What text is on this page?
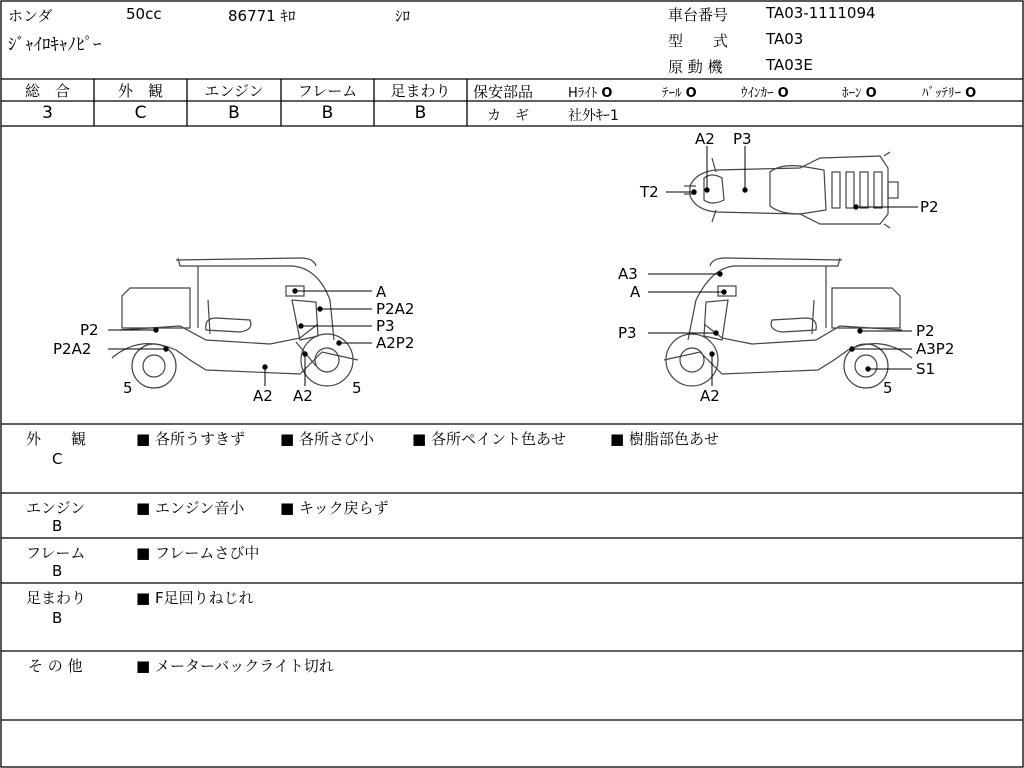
ホンダ	50cc	86771 ｷﾛ	ｼﾛ
ｼﾞｬｲﾛｷｬﾉﾋﾟｰ
車台番号	TA03-1111094
型　　式	TA03
原 動 機	TA03E
総　合	外　観	エンジン	フレーム	足まわり
3	C	B	B	B
保安部品	Hﾗｲﾄ O	ﾃｰﾙ O	ｳｲﾝｶｰ O	ﾎｰﾝ O	ﾊﾞｯﾃﾘｰ O
カ　ギ	社外ｷｰ1
A2 P3
T2
P2
A
P2A2
P3
A2P2
P2
P2A2
5	A2 A2	5
A3
A
P3	P2
A3P2
S1
A2	5
外　　観
C
■ 各所うすきず ■ 各所さび小	■ 各所ペイント色あせ	■ 樹脂部色あせ
エンジン
B
■ エンジン音小 ■ キック戻らず
フレーム
B
■ フレームさび中
足まわり
B
■ F足回りねじれ
そ の 他	■ メーターバックライト切れ
